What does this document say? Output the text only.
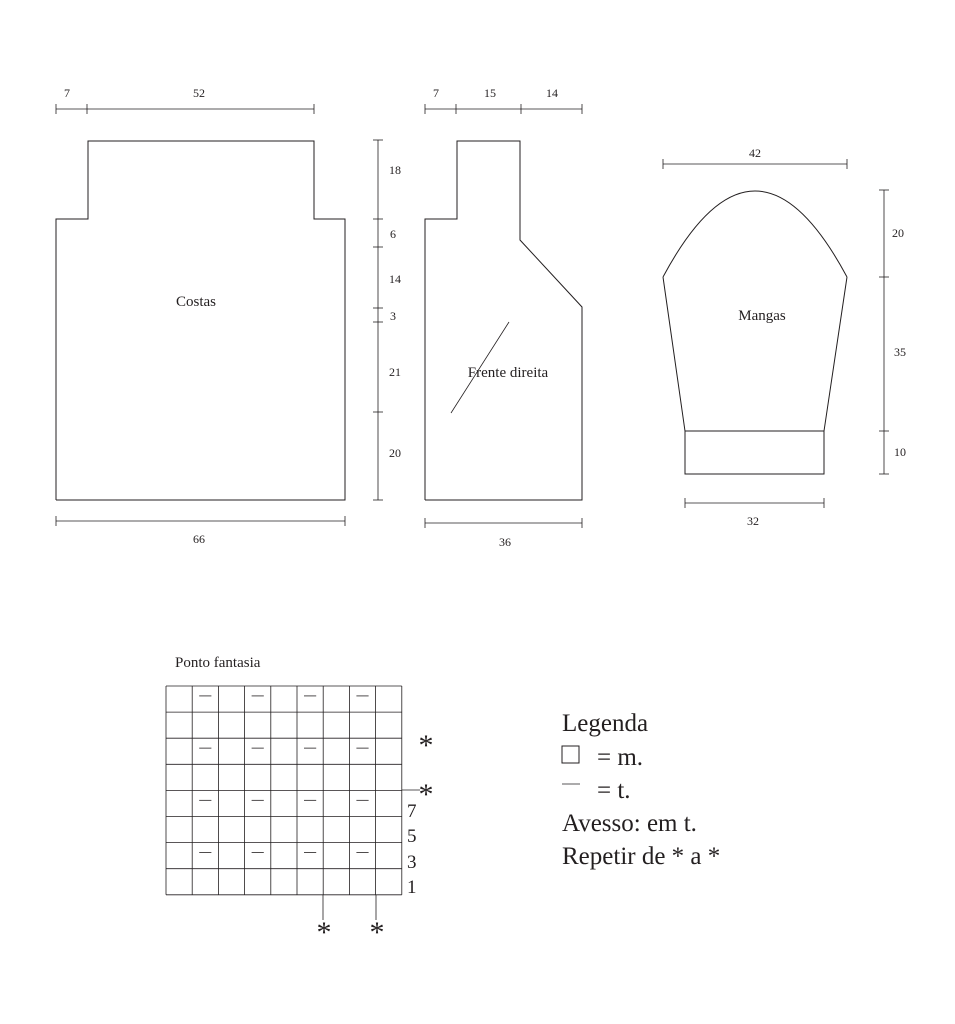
Costas
7	52
66
18
6
14
3
21
20
Frente direita
7	15	14
36
Mangas
42
32
20
35
10
Ponto fantasia
*
*
* *
7
5
3
1
Legenda
= m.
= t.
Avesso: em t.
Repetir de * a *
